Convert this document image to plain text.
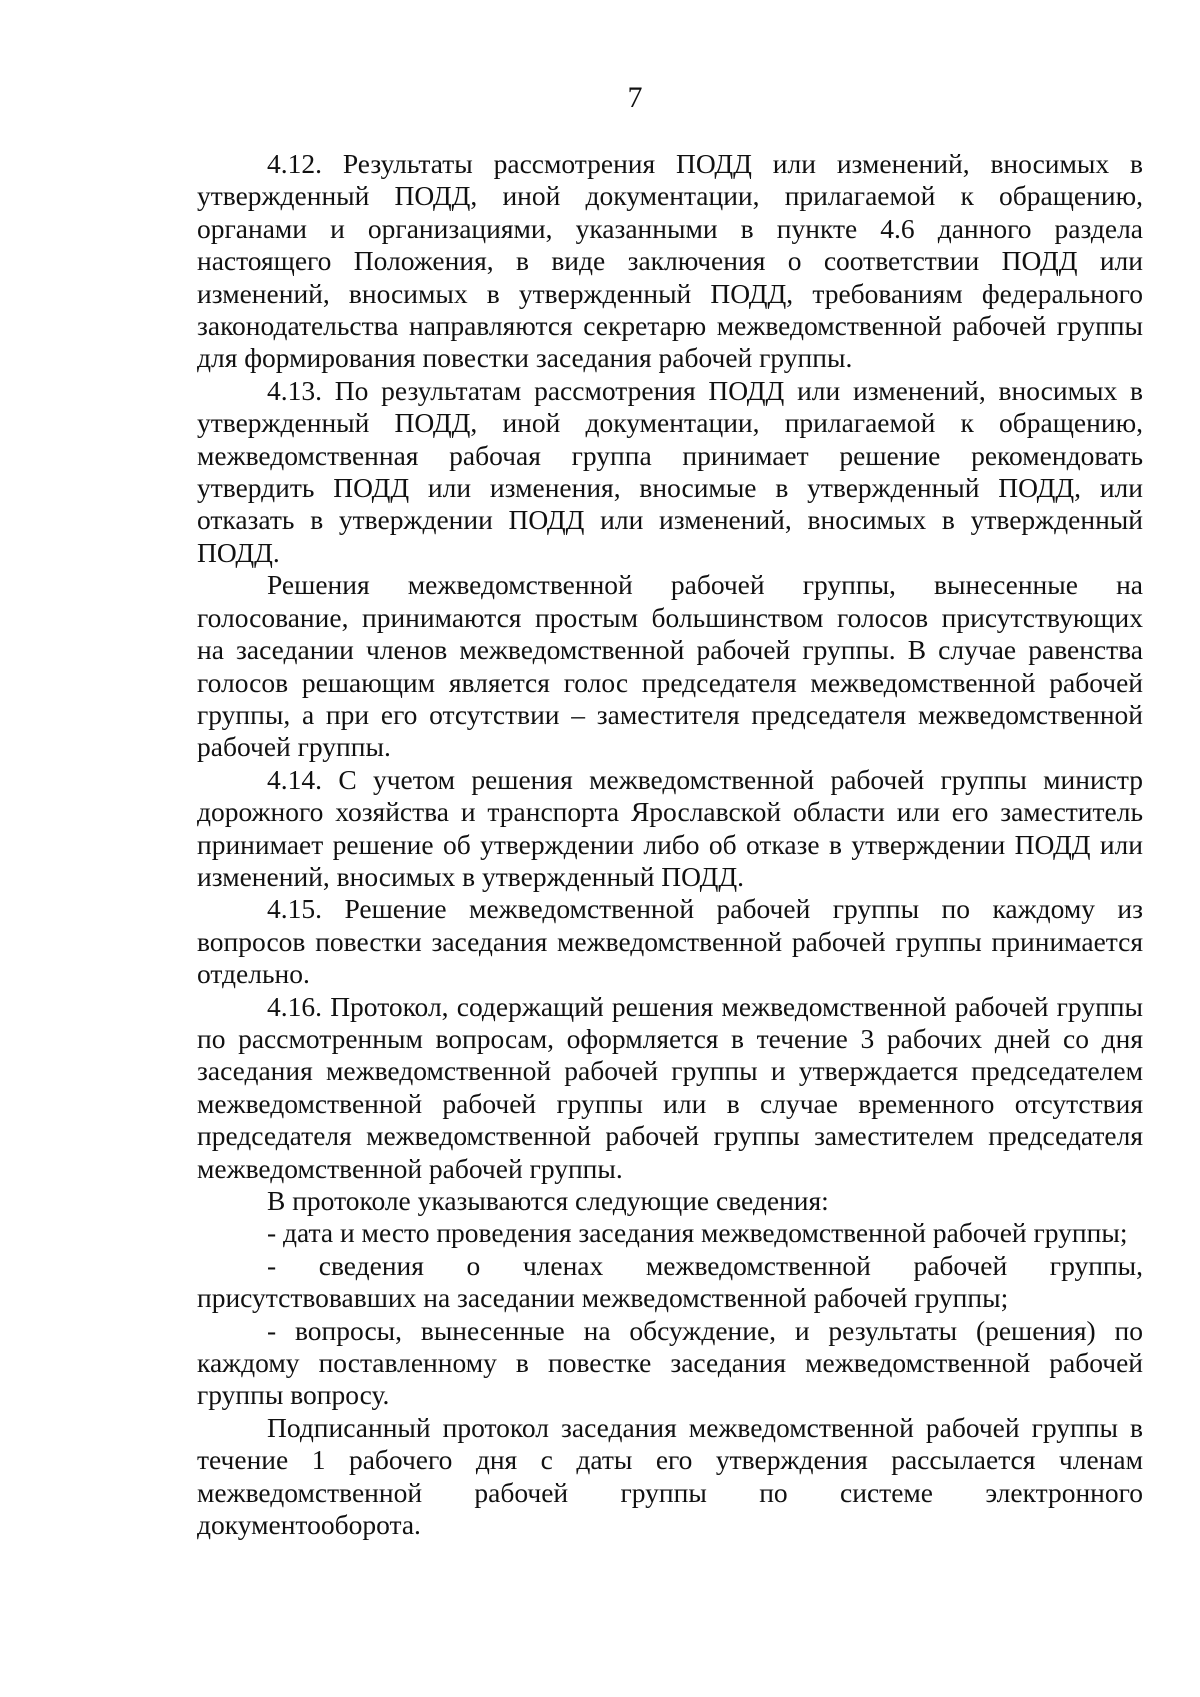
7

4.12. Результаты рассмотрения ПОДД или изменений, вносимых в утвержденный ПОДД, иной документации, прилагаемой к обращению, органами и организациями, указанными в пункте 4.6 данного раздела настоящего Положения, в виде заключения о соответствии ПОДД или изменений, вносимых в утвержденный ПОДД, требованиям федерального законодательства направляются секретарю межведомственной рабочей группы для формирования повестки заседания рабочей группы.

4.13. По результатам рассмотрения ПОДД или изменений, вносимых в утвержденный ПОДД, иной документации, прилагаемой к обращению, межведомственная рабочая группа принимает решение рекомендовать утвердить ПОДД или изменения, вносимые в утвержденный ПОДД, или отказать в утверждении ПОДД или изменений, вносимых в утвержденный ПОДД.

Решения межведомственной рабочей группы, вынесенные на голосование, принимаются простым большинством голосов присутствующих на заседании членов межведомственной рабочей группы. В случае равенства голосов решающим является голос председателя межведомственной рабочей группы, а при его отсутствии – заместителя председателя межведомственной рабочей группы.

4.14. С учетом решения межведомственной рабочей группы министр дорожного хозяйства и транспорта Ярославской области или его заместитель принимает решение об утверждении либо об отказе в утверждении ПОДД или изменений, вносимых в утвержденный ПОДД.

4.15. Решение межведомственной рабочей группы по каждому из вопросов повестки заседания межведомственной рабочей группы принимается отдельно.

4.16. Протокол, содержащий решения межведомственной рабочей группы по рассмотренным вопросам, оформляется в течение 3 рабочих дней со дня заседания межведомственной рабочей группы и утверждается председателем межведомственной рабочей группы или в случае временного отсутствия председателя межведомственной рабочей группы заместителем председателя межведомственной рабочей группы.

В протоколе указываются следующие сведения:

- дата и место проведения заседания межведомственной рабочей группы;

- сведения о членах межведомственной рабочей группы, присутствовавших на заседании межведомственной рабочей группы;

- вопросы, вынесенные на обсуждение, и результаты (решения) по каждому поставленному в повестке заседания межведомственной рабочей группы вопросу.

Подписанный протокол заседания межведомственной рабочей группы в течение 1 рабочего дня с даты его утверждения рассылается членам межведомственной рабочей группы по системе электронного документооборота.
